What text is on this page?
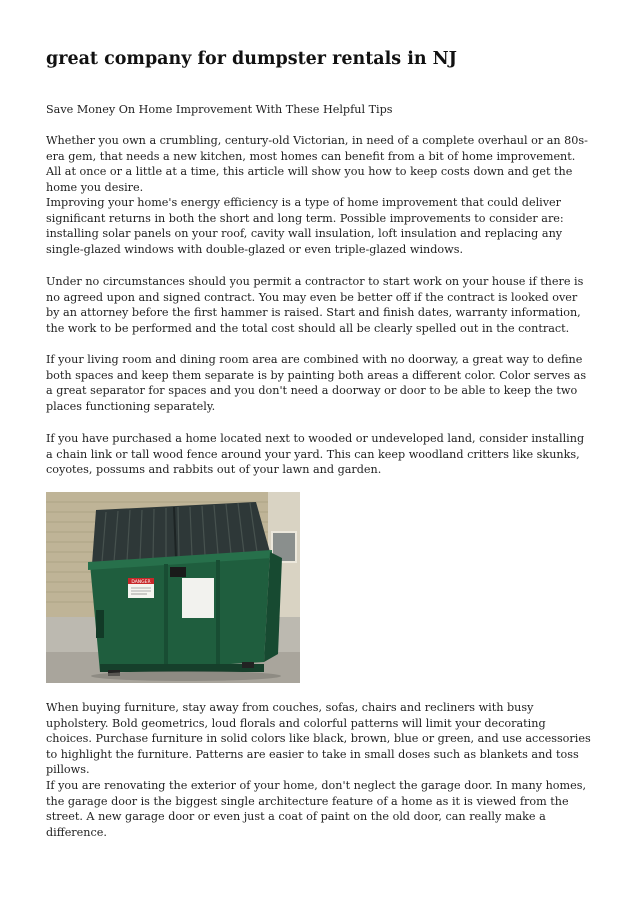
great company for dumpster rentals in NJ

Save Money On Home Improvement With These Helpful Tips

Whether you own a crumbling, century-old Victorian, in need of a complete overhaul or an 80s-era gem, that needs a new kitchen, most homes can benefit from a bit of home improvement. All at once or a little at a time, this article will show you how to keep costs down and get the home you desire.

Improving your home's energy efficiency is a type of home improvement that could deliver significant returns in both the short and long term. Possible improvements to consider are: installing solar panels on your roof, cavity wall insulation, loft insulation and replacing any single-glazed windows with double-glazed or even triple-glazed windows.

Under no circumstances should you permit a contractor to start work on your house if there is no agreed upon and signed contract. You may even be better off if the contract is looked over by an attorney before the first hammer is raised. Start and finish dates, warranty information, the work to be performed and the total cost should all be clearly spelled out in the contract.

If your living room and dining room area are combined with no doorway, a great way to define both spaces and keep them separate is by painting both areas a different color. Color serves as a great separator for spaces and you don't need a doorway or door to be able to keep the two places functioning separately.

If you have purchased a home located next to wooded or undeveloped land, consider installing a chain link or tall wood fence around your yard. This can keep woodland critters like skunks, coyotes, possums and rabbits out of your lawn and garden.

DANGER

When buying furniture, stay away from couches, sofas, chairs and recliners with busy upholstery. Bold geometrics, loud florals and colorful patterns will limit your decorating choices. Purchase furniture in solid colors like black, brown, blue or green, and use accessories to highlight the furniture. Patterns are easier to take in small doses such as blankets and toss pillows.

If you are renovating the exterior of your home, don't neglect the garage door. In many homes, the garage door is the biggest single architecture feature of a home as it is viewed from the street. A new garage door or even just a coat of paint on the old door, can really make a difference.
